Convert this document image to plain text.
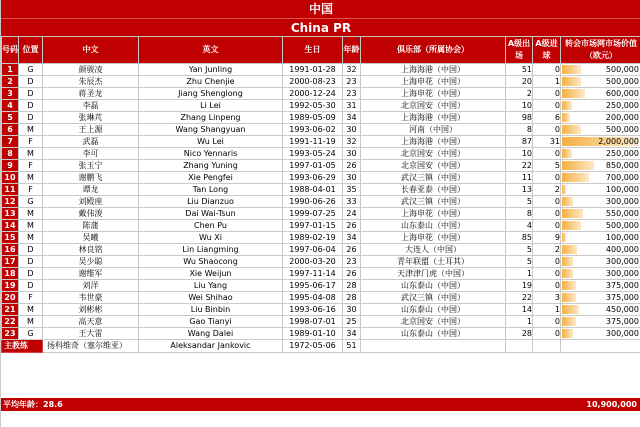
中国
China PR
号码	位置	中文	英文	生日	年龄	俱乐部（所属协会）	A级出场	A级进球	转会市场网市场价值（欧元）
1	G	颜骏凌	Yan Junling	1991-01-28	32	上海海港（中国）	51	0	500,000
2	D	朱辰杰	Zhu Chenjie	2000-08-23	23	上海申花（中国）	20	1	500,000
3	D	蒋圣龙	Jiang Shenglong	2000-12-24	23	上海申花（中国）	2	0	600,000
4	D	李磊	Li Lei	1992-05-30	31	北京国安（中国）	10	0	250,000
5	D	张琳芃	Zhang Linpeng	1989-05-09	34	上海海港（中国）	98	6	200,000
6	M	王上源	Wang Shangyuan	1993-06-02	30	河南（中国）	8	0	500,000
7	F	武磊	Wu Lei	1991-11-19	32	上海海港（中国）	87	31	2,000,000
8	M	李可	Nico Yennaris	1993-05-24	30	北京国安（中国）	10	0	250,000
9	F	张玉宁	Zhang Yuning	1997-01-05	26	北京国安（中国）	22	5	850,000
10	M	谢鹏飞	Xie Pengfei	1993-06-29	30	武汉三镇（中国）	11	0	700,000
11	F	谭龙	Tan Long	1988-04-01	35	长春亚泰（中国）	13	2	100,000
12	G	刘殿座	Liu Dianzuo	1990-06-26	33	武汉三镇（中国）	5	0	300,000
13	M	戴伟浚	Dai Wai-Tsun	1999-07-25	24	上海申花（中国）	8	0	550,000
14	M	陈蒲	Chen Pu	1997-01-15	26	山东泰山（中国）	4	0	500,000
15	M	吴曦	Wu Xi	1989-02-19	34	上海申花（中国）	85	9	100,000
16	D	林良铭	Lin Liangming	1997-06-04	26	大连人（中国）	5	2	400,000
17	D	吴少聪	Wu Shaocong	2000-03-20	23	青年联盟（土耳其）	5	0	300,000
18	D	谢维军	Xie Weijun	1997-11-14	26	天津津门虎（中国）	1	0	300,000
19	D	刘洋	Liu Yang	1995-06-17	28	山东泰山（中国）	19	0	375,000
20	F	韦世豪	Wei Shihao	1995-04-08	28	武汉三镇（中国）	22	3	375,000
21	M	刘彬彬	Liu Binbin	1993-06-16	30	山东泰山（中国）	14	1	450,000
22	M	高天意	Gao Tianyi	1998-07-01	25	北京国安（中国）	1	0	375,000
23	G	王大雷	Wang Dalei	1989-01-10	34	山东泰山（中国）	28	0	300,000
主教练		扬科维奇（塞尔维亚）	Aleksandar Jankovic	1972-05-06	51				
平均年龄：28.6	10,900,000
